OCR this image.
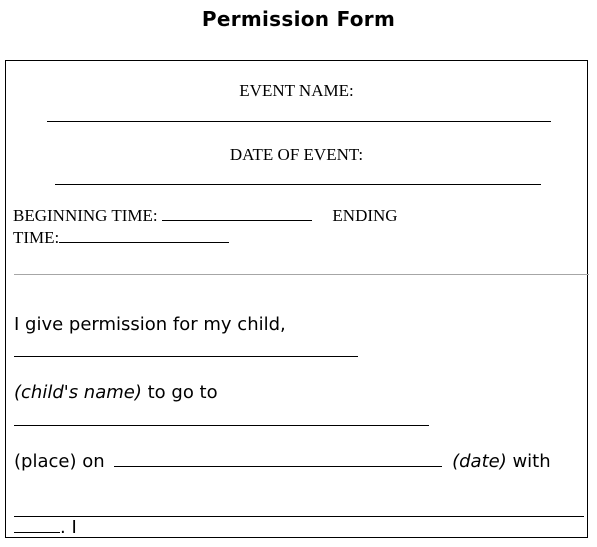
Permission Form
EVENT NAME:
DATE OF EVENT:
BEGINNING TIME:	ENDING
TIME:
I give permission for my child,
(child's name) to go to
(place) on	(date) with
. I
